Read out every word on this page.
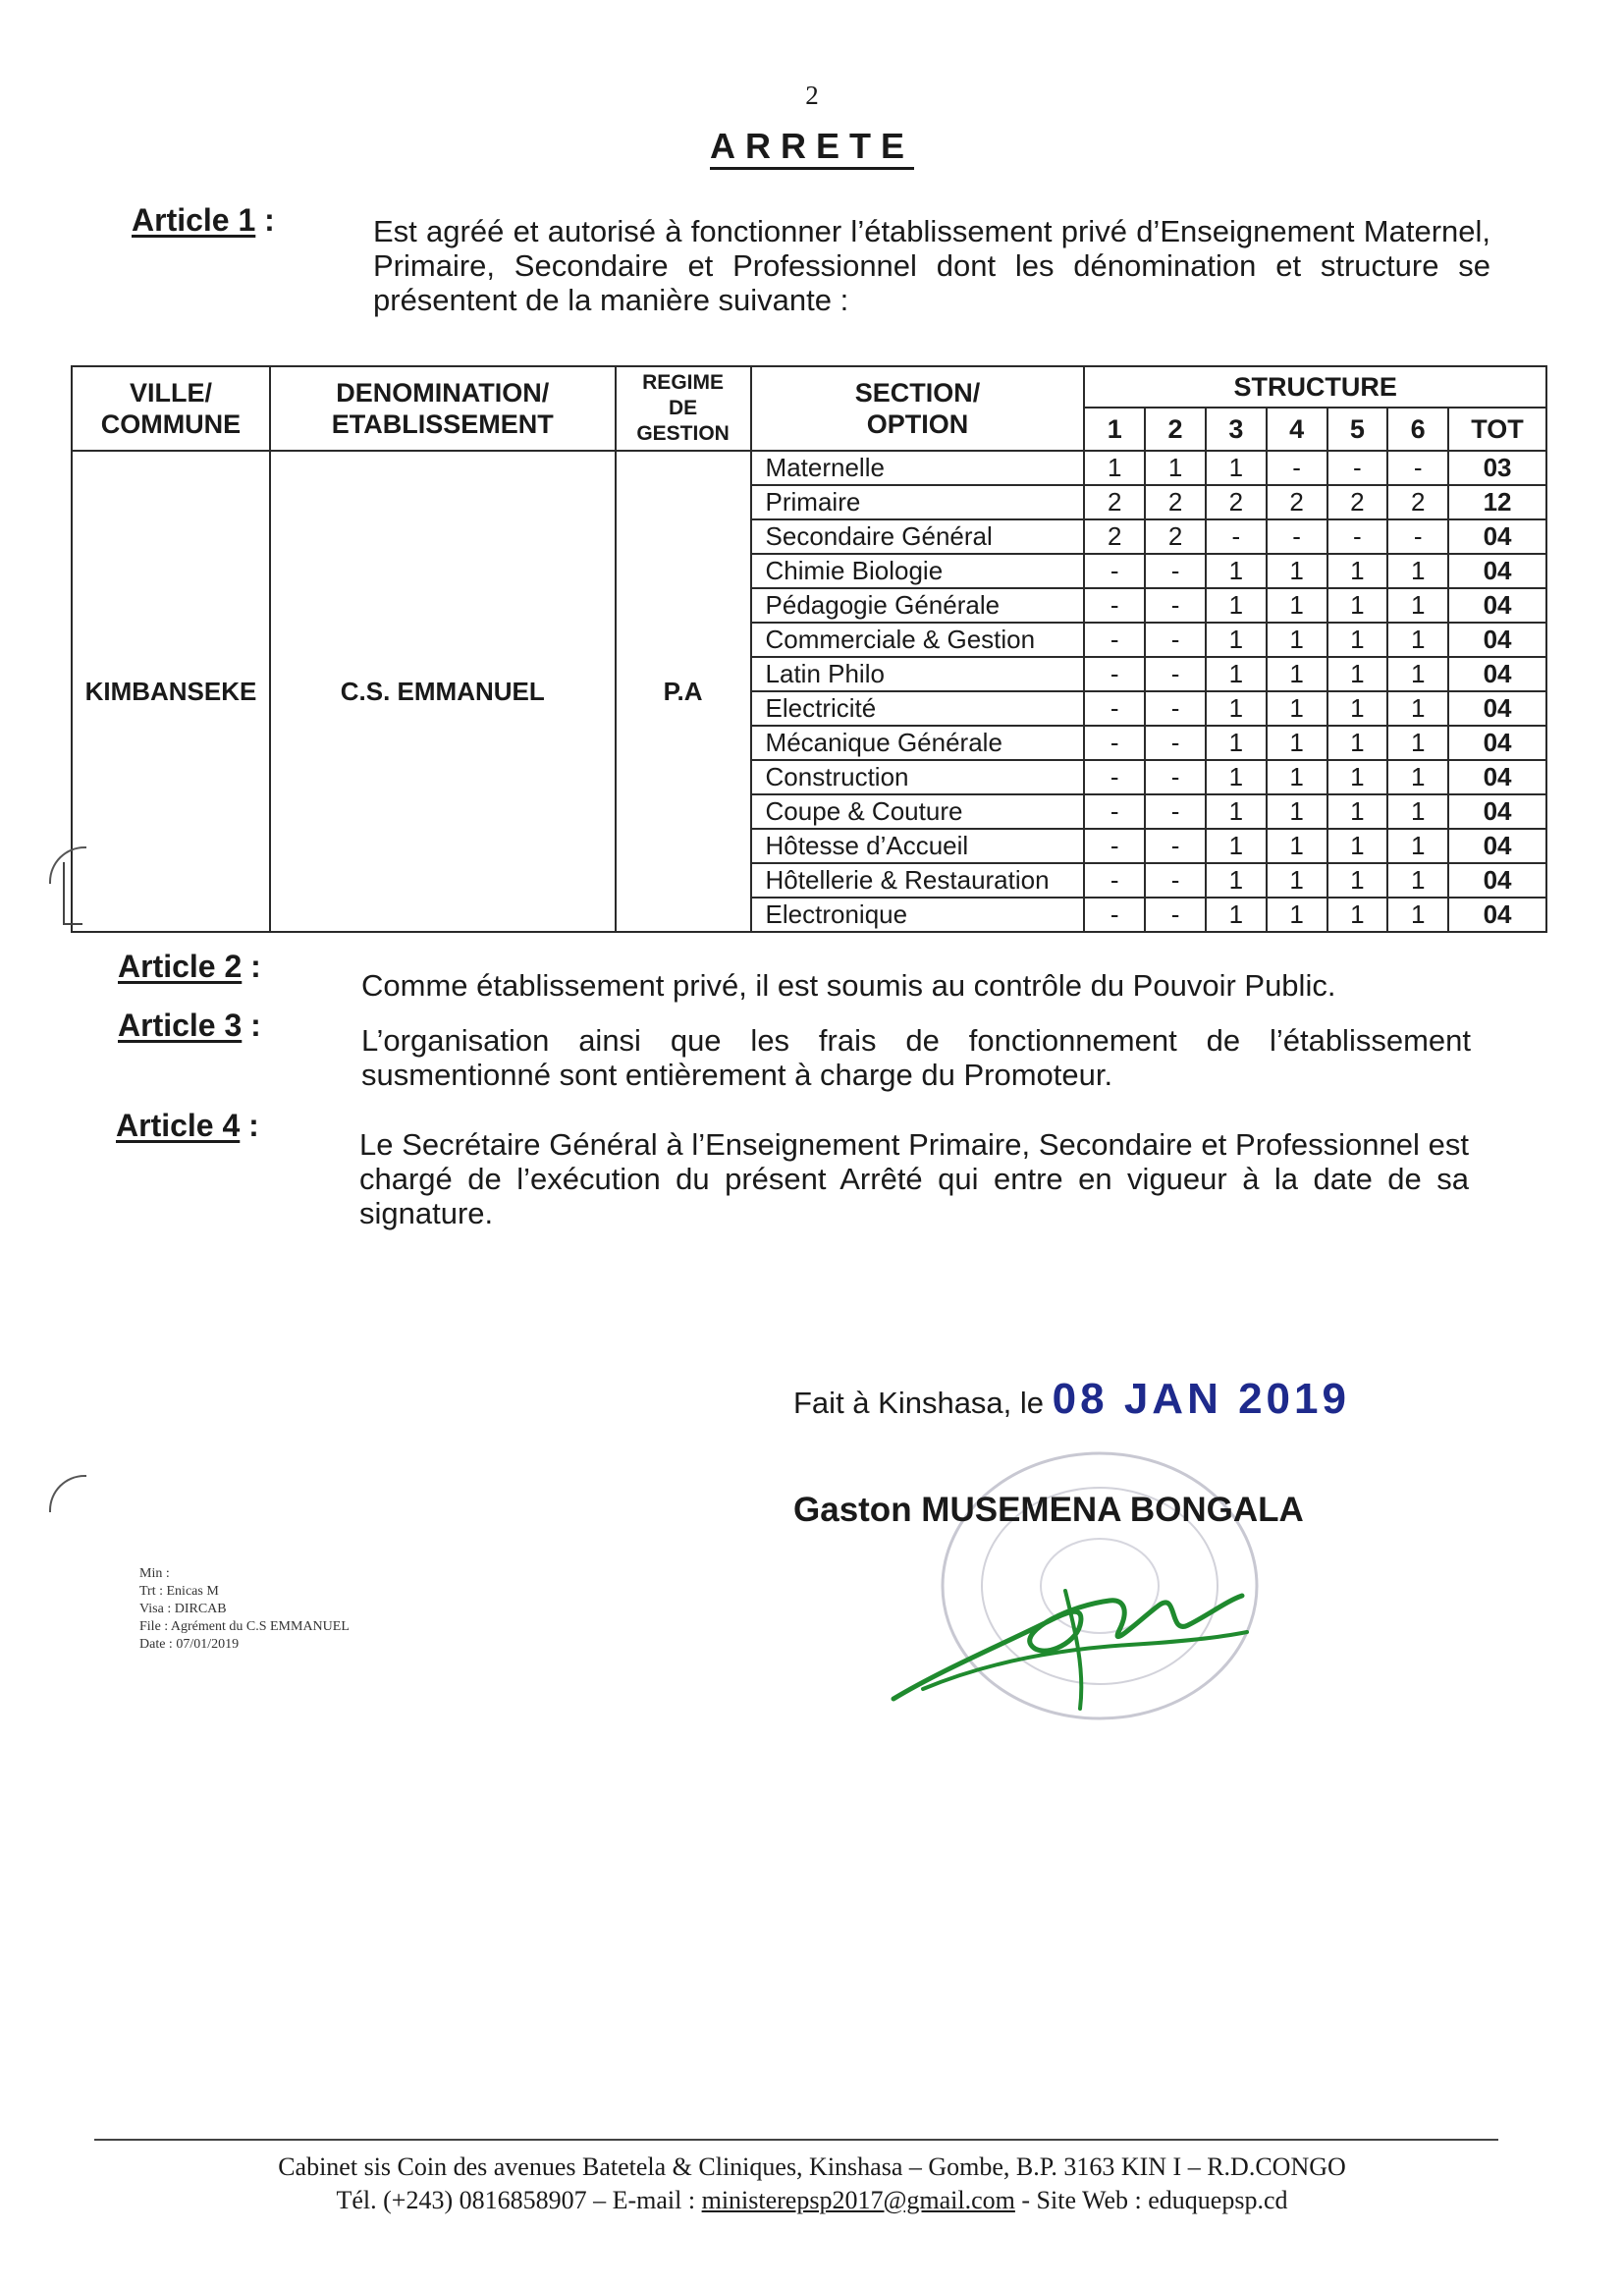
2
ARRETE
Article 1 :	Est agréé et autorisé à fonctionner l’établissement privé d’Enseignement Maternel, Primaire, Secondaire et Professionnel dont les dénomination et structure se présentent de la manière suivante :
VILLE/ COMMUNE	DENOMINATION/ ETABLISSEMENT	REGIME DE GESTION	SECTION/ OPTION	STRUCTURE						
				1	2	3	4	5	6	TOT
KIMBANSEKE	C.S. EMMANUEL	P.A	Maternelle	1	1	1	-	-	-	03
			Primaire	2	2	2	2	2	2	12
			Secondaire Général	2	2	-	-	-	-	04
			Chimie Biologie	-	-	1	1	1	1	04
			Pédagogie Générale	-	-	1	1	1	1	04
			Commerciale & Gestion	-	-	1	1	1	1	04
			Latin Philo	-	-	1	1	1	1	04
			Electricité	-	-	1	1	1	1	04
			Mécanique Générale	-	-	1	1	1	1	04
			Construction	-	-	1	1	1	1	04
			Coupe & Couture	-	-	1	1	1	1	04
			Hôtesse d’Accueil	-	-	1	1	1	1	04
			Hôtellerie & Restauration	-	-	1	1	1	1	04
			Electronique	-	-	1	1	1	1	04
Article 2 :
Comme établissement privé, il est soumis au contrôle du Pouvoir Public.
Article 3 :	L’organisation ainsi que les frais de fonctionnement de l’établissement susmentionné sont entièrement à charge du Promoteur.
Article 4 :
Le Secrétaire Général à l’Enseignement Primaire, Secondaire et Professionnel est chargé de l’exécution du présent Arrêté qui entre en vigueur à la date de sa signature.
Fait à Kinshasa, le 08 JAN 2019
Gaston MUSEMENA BONGALA
Min :
Trt : Enicas M
Visa : DIRCAB
File : Agrément du C.S EMMANUEL
Date : 07/01/2019
Cabinet sis Coin des avenues Batetela & Cliniques, Kinshasa – Gombe, B.P. 3163 KIN I – R.D.CONGO
Tél. (+243) 0816858907 – E-mail : ministerepsp2017@gmail.com - Site Web : eduquepsp.cd
